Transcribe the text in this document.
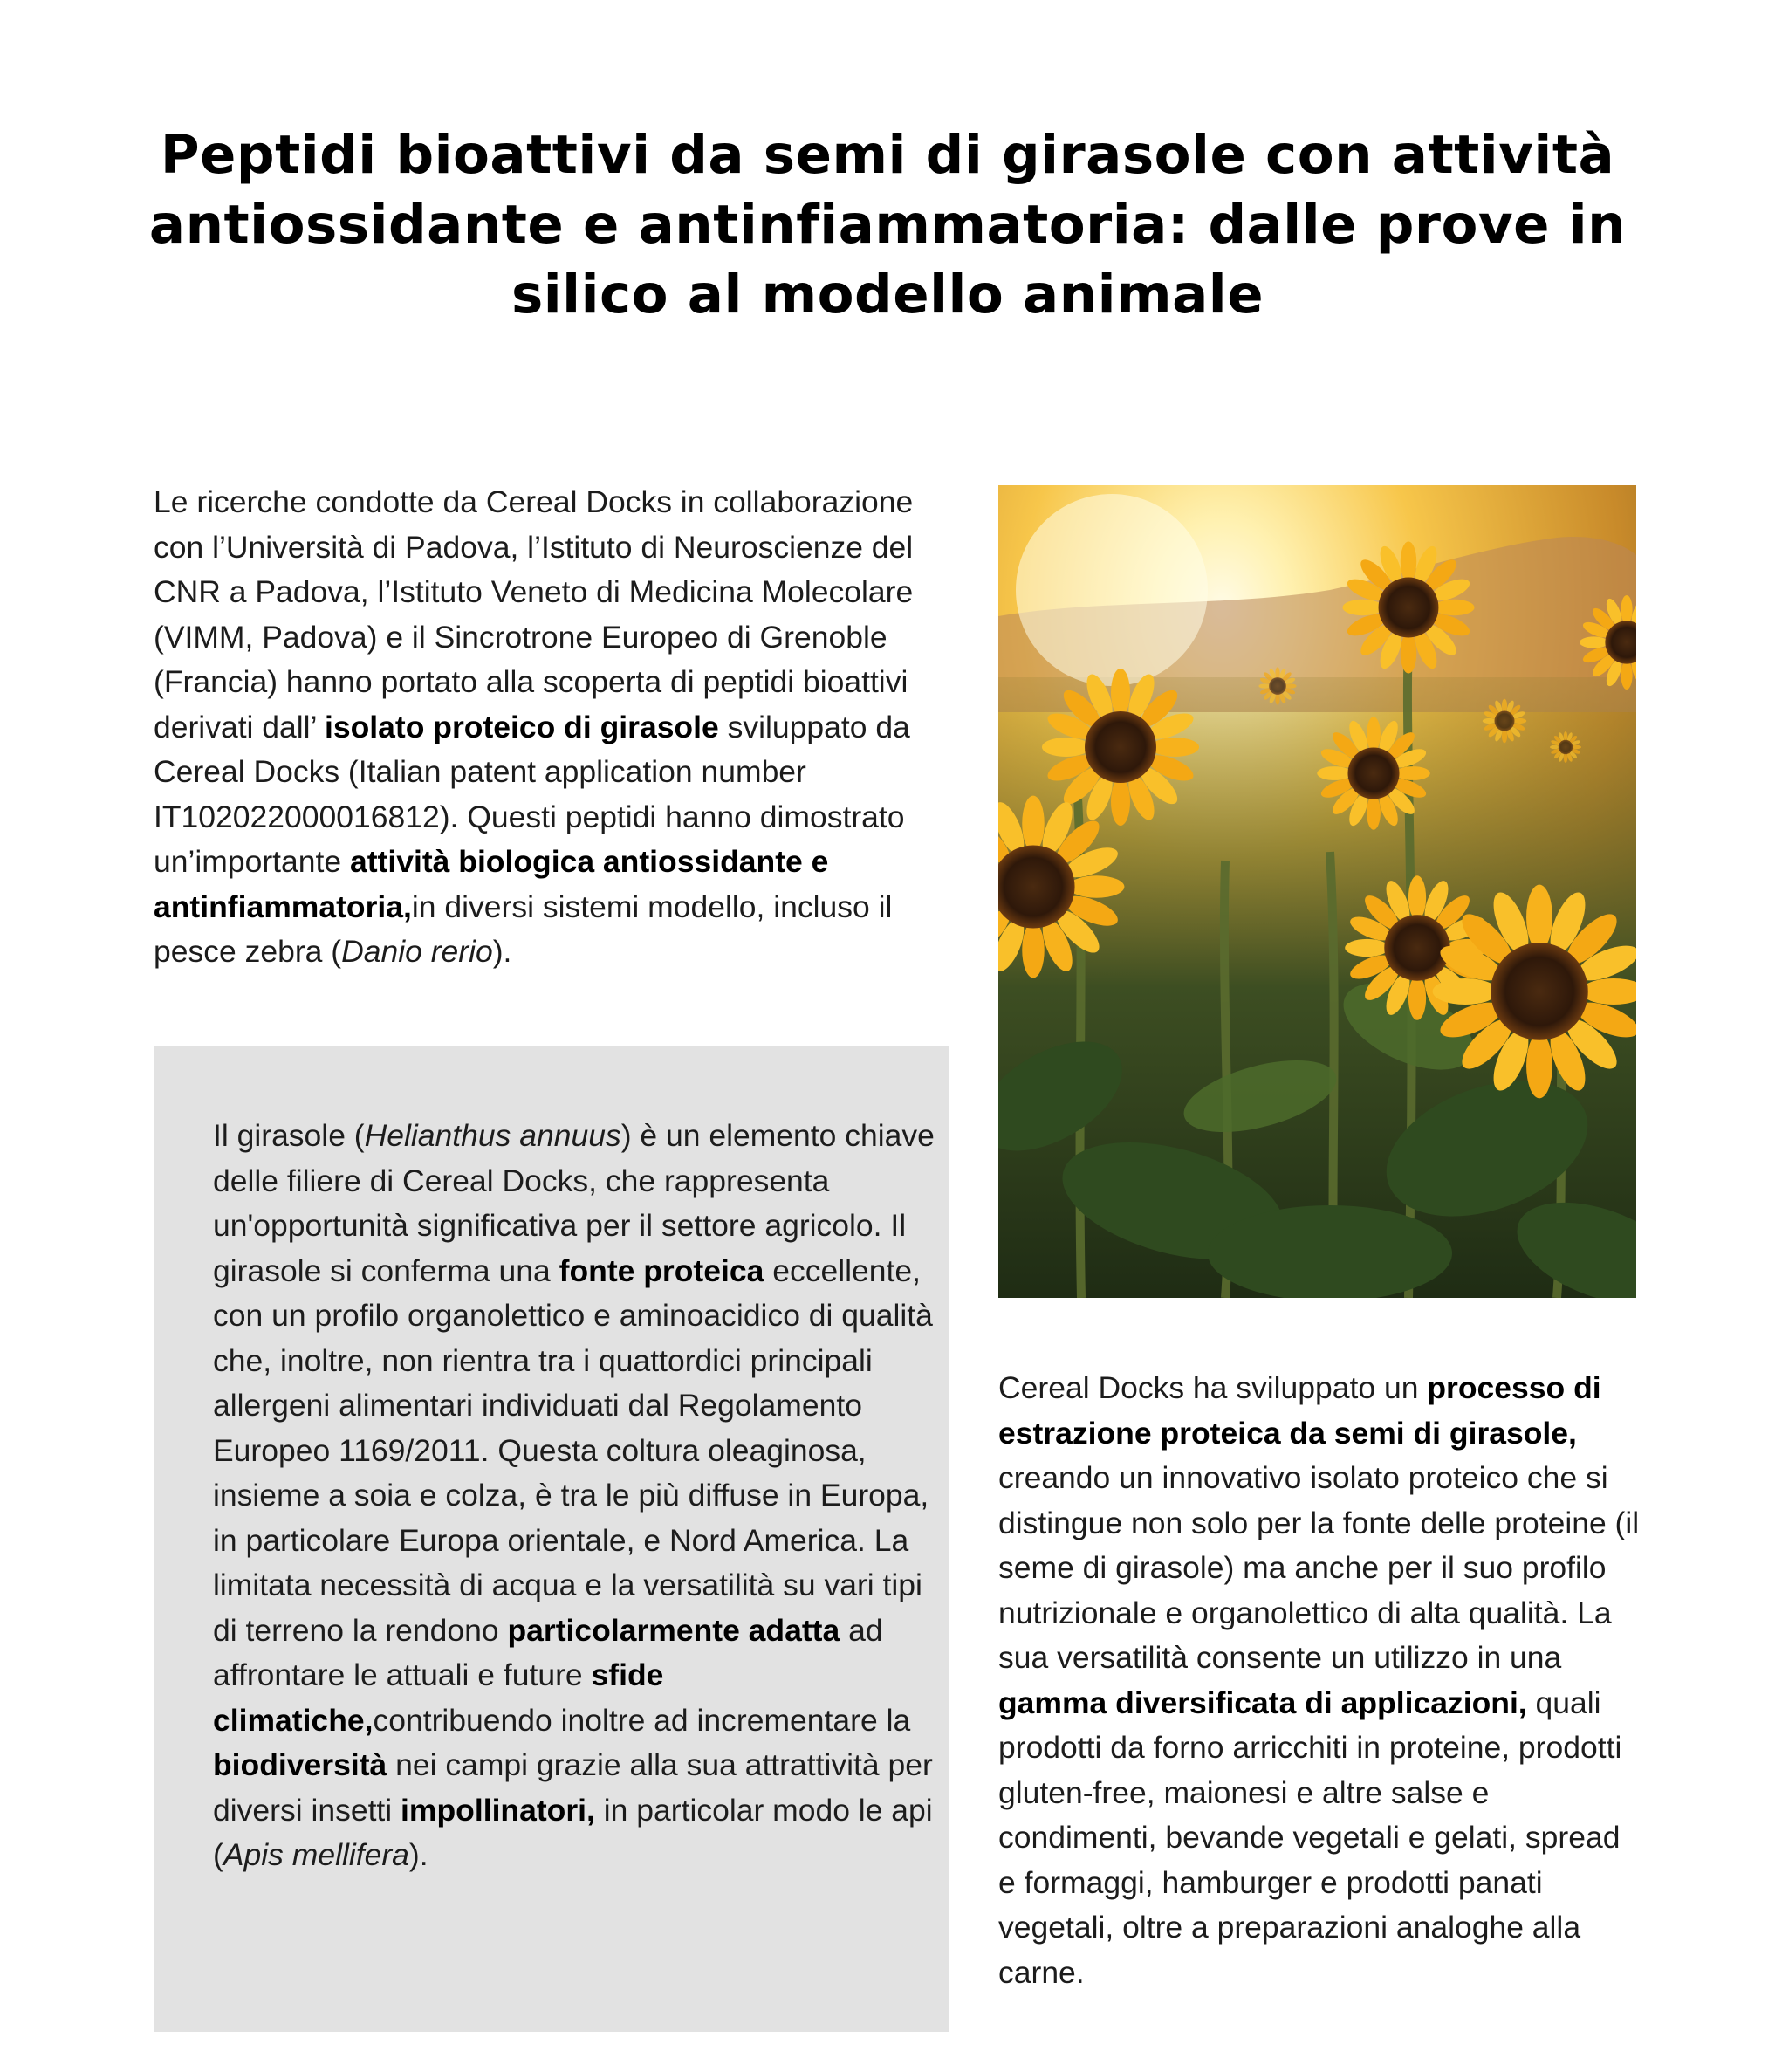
Peptidi bioattivi da semi di girasole con attività antiossidante e antinfiammatoria: dalle prove in silico al modello animale

Le ricerche condotte da Cereal Docks in collaborazione con l’Università di Padova, l’Istituto di Neuroscienze del CNR a Padova, l’Istituto Veneto di Medicina Molecolare (VIMM, Padova) e il Sincrotrone Europeo di Grenoble (Francia) hanno portato alla scoperta di peptidi bioattivi derivati dall’ isolato proteico di girasole sviluppato da Cereal Docks (Italian patent application number IT102022000016812). Questi peptidi hanno dimostrato un’importante attività biologica antiossidante e antinfiammatoria,in diversi sistemi modello, incluso il pesce zebra (Danio rerio).

Il girasole (Helianthus annuus) è un elemento chiave delle filiere di Cereal Docks, che rappresenta un'opportunità significativa per il settore agricolo. Il girasole si conferma una fonte proteica eccellente, con un profilo organolettico e aminoacidico di qualità che, inoltre, non rientra tra i quattordici principali allergeni alimentari individuati dal Regolamento Europeo 1169/2011. Questa coltura oleaginosa, insieme a soia e colza, è tra le più diffuse in Europa, in particolare Europa orientale, e Nord America. La limitata necessità di acqua e la versatilità su vari tipi di terreno la rendono particolarmente adatta ad affrontare le attuali e future sfide climatiche,contribuendo inoltre ad incrementare la biodiversità nei campi grazie alla sua attrattività per diversi insetti impollinatori, in particolar modo le api (Apis mellifera).

Cereal Docks ha sviluppato un processo di estrazione proteica da semi di girasole, creando un innovativo isolato proteico che si distingue non solo per la fonte delle proteine (il seme di girasole) ma anche per il suo profilo nutrizionale e organolettico di alta qualità. La sua versatilità consente un utilizzo in una gamma diversificata di applicazioni, quali prodotti da forno arricchiti in proteine, prodotti gluten-free, maionesi e altre salse e condimenti, bevande vegetali e gelati, spread e formaggi, hamburger e prodotti panati vegetali, oltre a preparazioni analoghe alla carne.
